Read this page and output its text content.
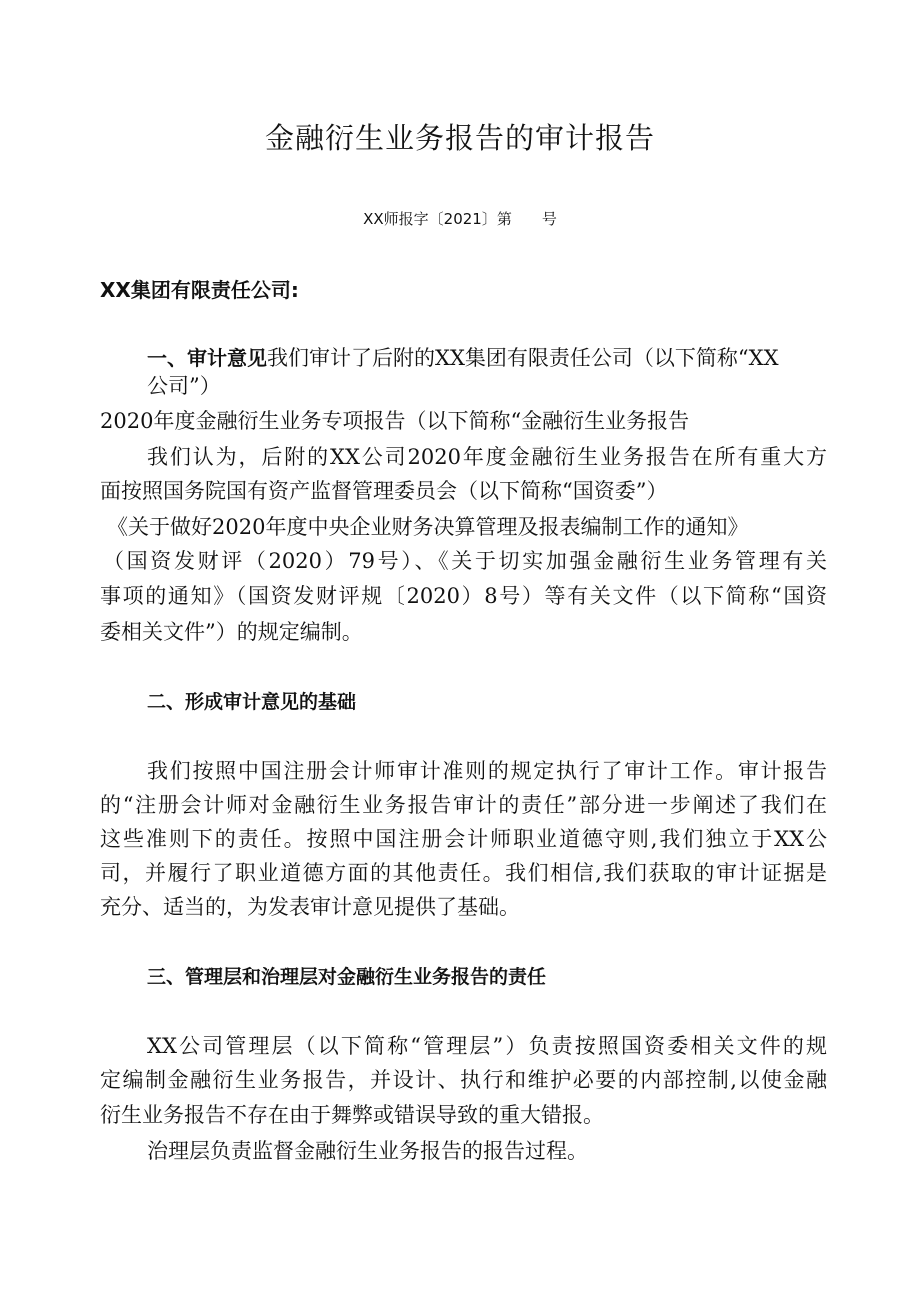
金融衍生业务报告的审计报告
XX师报字〔2021〕第　　号
XX集团有限责任公司:
一、审计意见我们审计了后附的XX集团有限责任公司（以下简称“XX
公司”）
2020年度金融衍生业务专项报告（以下简称“金融衍生业务报告
我们认为，后附的XX公司2020年度金融衍生业务报告在所有重大方
面按照国务院国有资产监督管理委员会（以下简称“国资委”）
《关于做好2020年度中央企业财务决算管理及报表编制工作的通知》
（国资发财评（2020）79号）、《关于切实加强金融衍生业务管理有关
事项的通知》（国资发财评规〔2020）8号）等有关文件（以下简称“国资
委相关文件”）的规定编制。
二、形成审计意见的基础
我们按照中国注册会计师审计准则的规定执行了审计工作。审计报告
的“注册会计师对金融衍生业务报告审计的责任”部分进一步阐述了我们在
这些准则下的责任。按照中国注册会计师职业道德守则,我们独立于XX公
司，并履行了职业道德方面的其他责任。我们相信,我们获取的审计证据是
充分、适当的，为发表审计意见提供了基础。
三、管理层和治理层对金融衍生业务报告的责任
XX公司管理层（以下简称“管理层”）负责按照国资委相关文件的规
定编制金融衍生业务报告，并设计、执行和维护必要的内部控制,以使金融
衍生业务报告不存在由于舞弊或错误导致的重大错报。
治理层负责监督金融衍生业务报告的报告过程。
